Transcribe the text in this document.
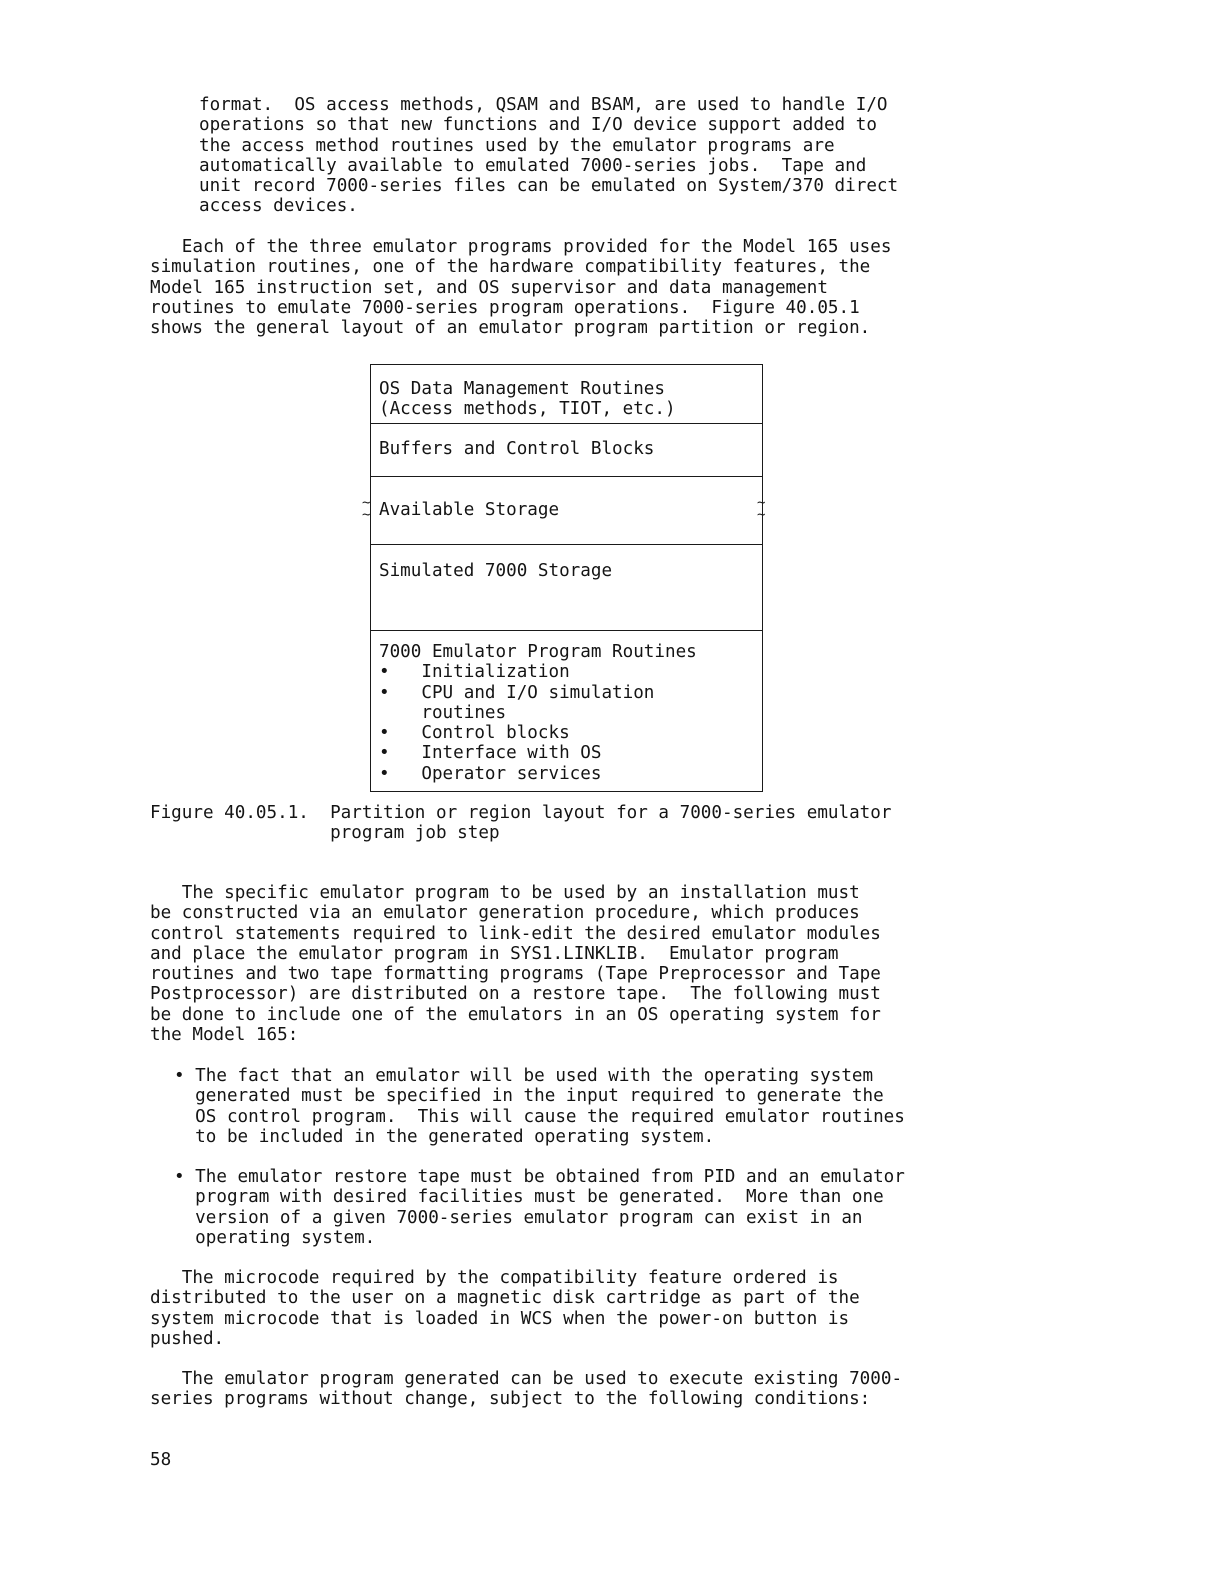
format.  OS access methods, QSAM and BSAM, are used to handle I/O
operations so that new functions and I/O device support added to
the access method routines used by the emulator programs are
automatically available to emulated 7000-series jobs.  Tape and
unit record 7000-series files can be emulated on System/370 direct
access devices.
Each of the three emulator programs provided for the Model 165 uses
simulation routines, one of the hardware compatibility features, the
Model 165 instruction set, and OS supervisor and data management
routines to emulate 7000-series program operations.  Figure 40.05.1
shows the general layout of an emulator program partition or region.
OS Data Management Routines
(Access methods, TIOT, etc.)
Buffers and Control Blocks
Available Storage
Simulated 7000 Storage
7000 Emulator Program Routines
•   Initialization
•   CPU and I/O simulation
routines
•   Control blocks
•   Interface with OS
•   Operator services
~
~
~
~
Figure 40.05.1.  Partition or region layout for a 7000-series emulator
program job step
The specific emulator program to be used by an installation must
be constructed via an emulator generation procedure, which produces
control statements required to link-edit the desired emulator modules
and place the emulator program in SYS1.LINKLIB.  Emulator program
routines and two tape formatting programs (Tape Preprocessor and Tape
Postprocessor) are distributed on a restore tape.  The following must
be done to include one of the emulators in an OS operating system for
the Model 165:
• The fact that an emulator will be used with the operating system
generated must be specified in the input required to generate the
OS control program.  This will cause the required emulator routines
to be included in the generated operating system.
• The emulator restore tape must be obtained from PID and an emulator
program with desired facilities must be generated.  More than one
version of a given 7000-series emulator program can exist in an
operating system.
The microcode required by the compatibility feature ordered is
distributed to the user on a magnetic disk cartridge as part of the
system microcode that is loaded in WCS when the power-on button is
pushed.
The emulator program generated can be used to execute existing 7000-
series programs without change, subject to the following conditions:
58
